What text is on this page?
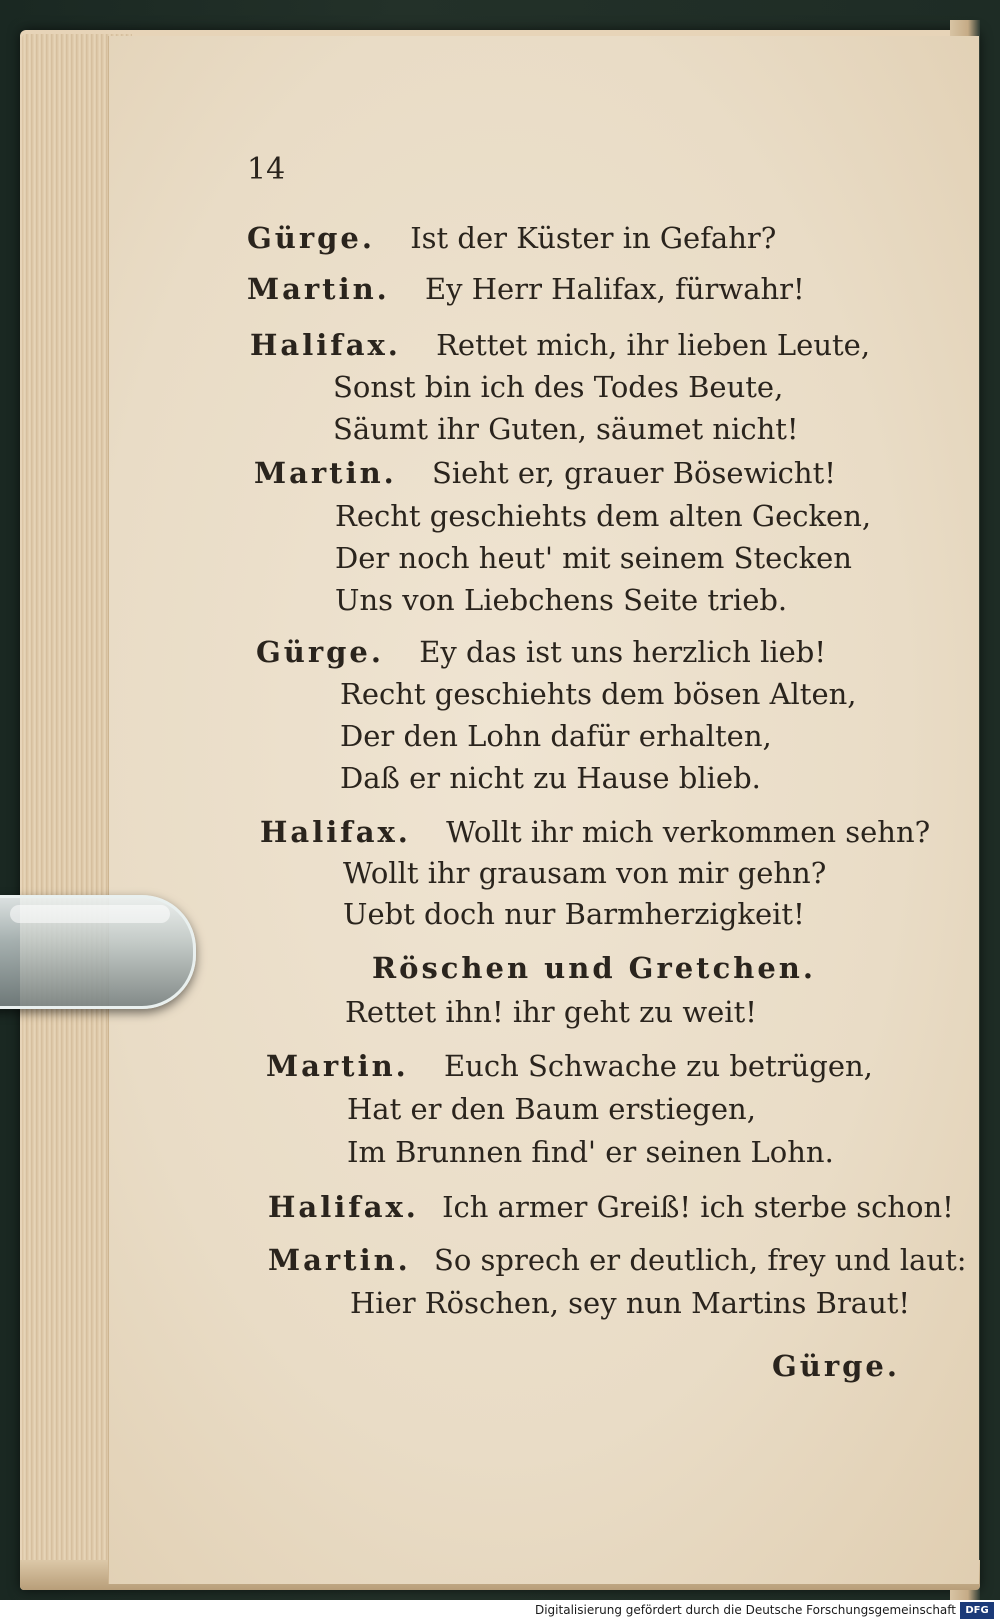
14
Gürge. Ist der Küster in Gefahr?
Martin. Ey Herr Halifax, fürwahr!
Halifax. Rettet mich, ihr lieben Leute,
Sonst bin ich des Todes Beute,
Säumt ihr Guten, säumet nicht!
Martin. Sieht er, grauer Bösewicht!
Recht geschiehts dem alten Gecken,
Der noch heut' mit seinem Stecken
Uns von Liebchens Seite trieb.
Gürge. Ey das ist uns herzlich lieb!
Recht geschiehts dem bösen Alten,
Der den Lohn dafür erhalten,
Daß er nicht zu Hause blieb.
Halifax. Wollt ihr mich verkommen sehn?
Wollt ihr grausam von mir gehn?
Uebt doch nur Barmherzigkeit!
Röschen und Gretchen.
Rettet ihn! ihr geht zu weit!
Martin. Euch Schwache zu betrügen,
Hat er den Baum erstiegen,
Im Brunnen find' er seinen Lohn.
Halifax. Ich armer Greiß! ich sterbe schon!
Martin. So sprech er deutlich, frey und laut:
Hier Röschen, sey nun Martins Braut!
Gürge.
Digitalisierung gefördert durch die Deutsche Forschungsgemeinschaft DFG
